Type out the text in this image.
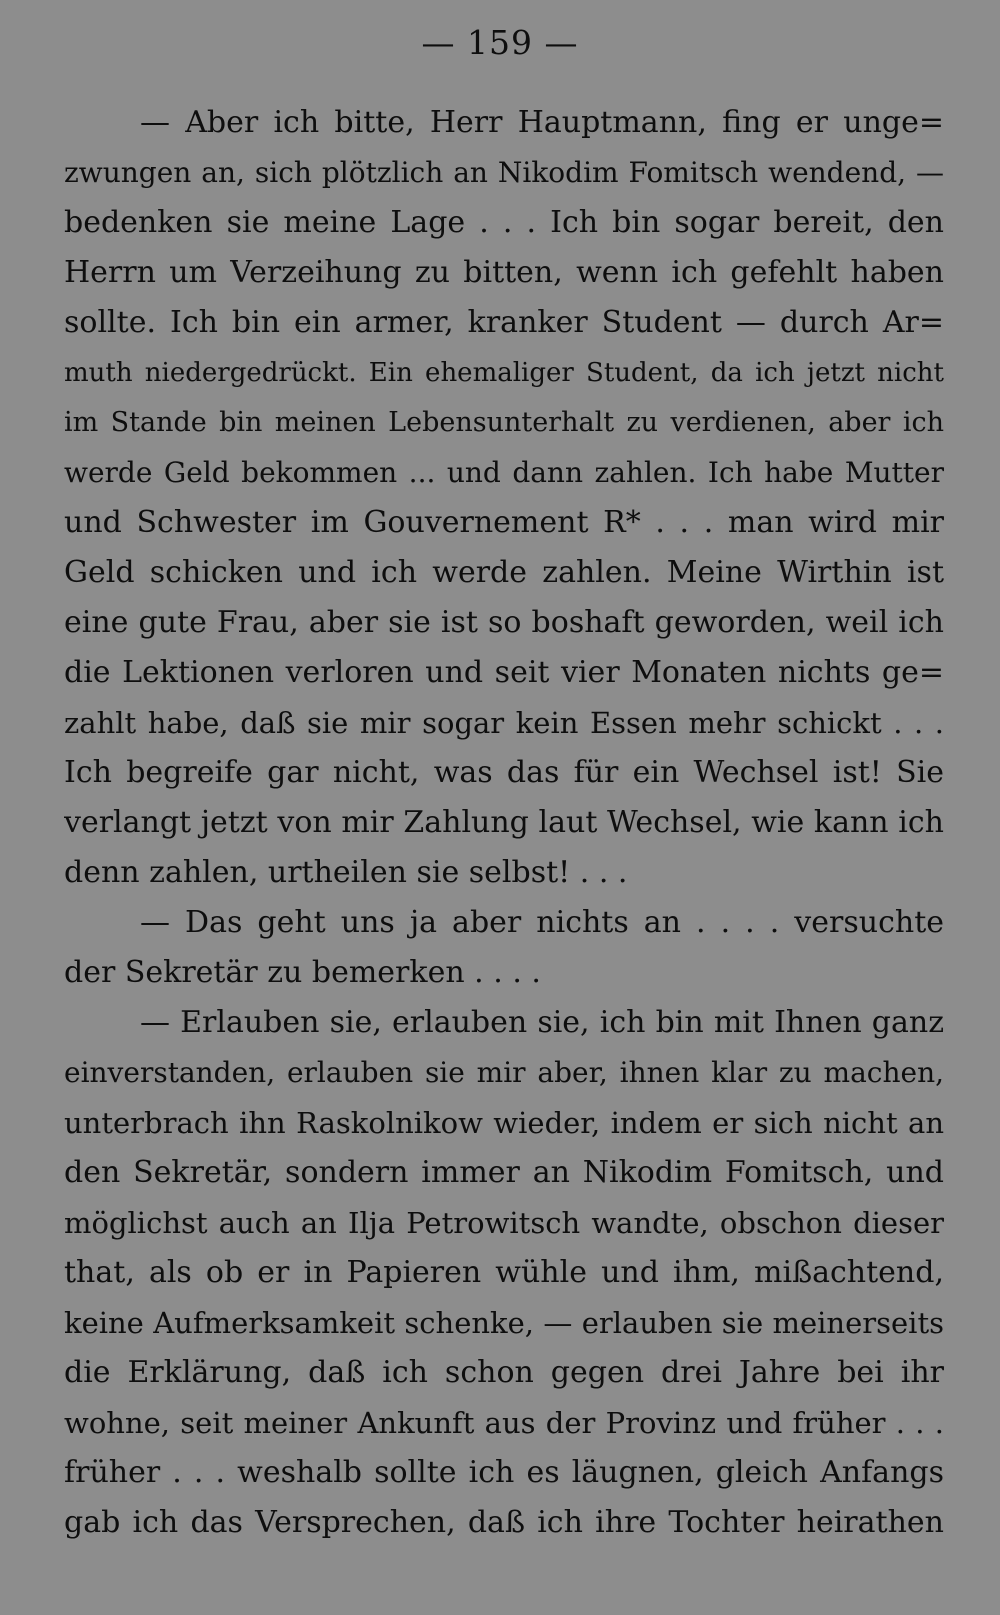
— 159 —
— Aber ich bitte, Herr Hauptmann, fing er unge=
zwungen an, sich plötzlich an Nikodim Fomitsch wendend, —
bedenken sie meine Lage . . . Ich bin sogar bereit, den
Herrn um Verzeihung zu bitten, wenn ich gefehlt haben
sollte. Ich bin ein armer, kranker Student — durch Ar=
muth niedergedrückt. Ein ehemaliger Student, da ich jetzt nicht
im Stande bin meinen Lebensunterhalt zu verdienen, aber ich
werde Geld bekommen ... und dann zahlen. Ich habe Mutter
und Schwester im Gouvernement R* . . . man wird mir
Geld schicken und ich werde zahlen. Meine Wirthin ist
eine gute Frau, aber sie ist so boshaft geworden, weil ich
die Lektionen verloren und seit vier Monaten nichts ge=
zahlt habe, daß sie mir sogar kein Essen mehr schickt . . .
Ich begreife gar nicht, was das für ein Wechsel ist! Sie
verlangt jetzt von mir Zahlung laut Wechsel, wie kann ich
denn zahlen, urtheilen sie selbst! . . .
— Das geht uns ja aber nichts an . . . . versuchte
der Sekretär zu bemerken . . . .
— Erlauben sie, erlauben sie, ich bin mit Ihnen ganz
einverstanden, erlauben sie mir aber, ihnen klar zu machen,
unterbrach ihn Raskolnikow wieder, indem er sich nicht an
den Sekretär, sondern immer an Nikodim Fomitsch, und
möglichst auch an Ilja Petrowitsch wandte, obschon dieser
that, als ob er in Papieren wühle und ihm, mißachtend,
keine Aufmerksamkeit schenke, — erlauben sie meinerseits
die Erklärung, daß ich schon gegen drei Jahre bei ihr
wohne, seit meiner Ankunft aus der Provinz und früher . . .
früher . . . weshalb sollte ich es läugnen, gleich Anfangs
gab ich das Versprechen, daß ich ihre Tochter heirathen
